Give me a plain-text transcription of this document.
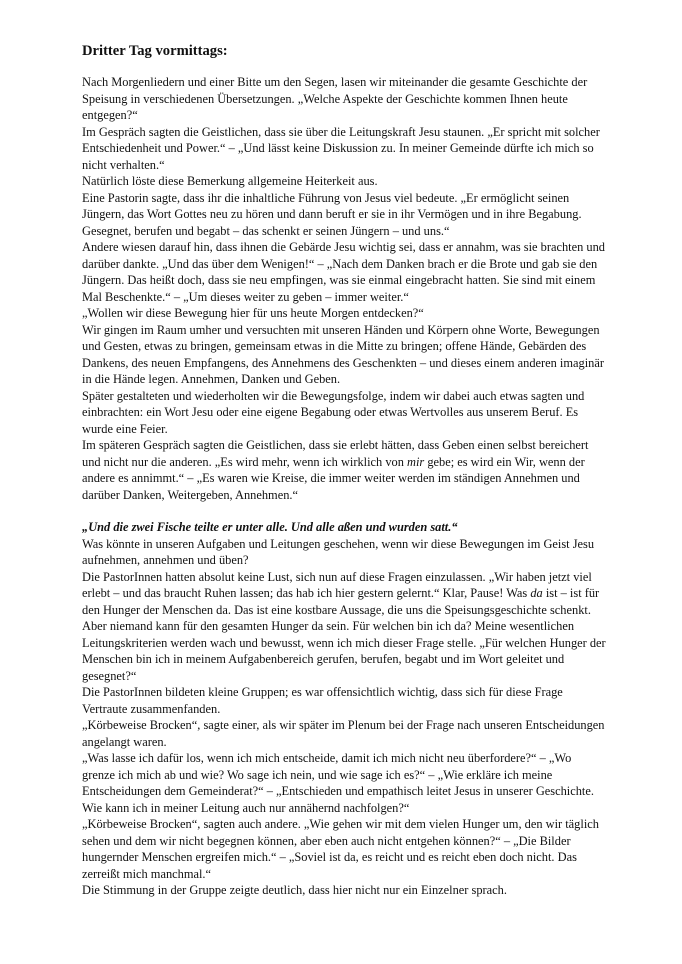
Dritter Tag vormittags:

Nach Morgenliedern und einer Bitte um den Segen, lasen wir miteinander die gesamte Geschichte der Speisung in verschiedenen Übersetzungen. „Welche Aspekte der Geschichte kommen Ihnen heute entgegen?“

Im Gespräch sagten die Geistlichen, dass sie über die Leitungskraft Jesu staunen. „Er spricht mit solcher Entschiedenheit und Power.“ – „Und lässt keine Diskussion zu. In meiner Gemeinde dürfte ich mich so nicht verhalten.“

Natürlich löste diese Bemerkung allgemeine Heiterkeit aus.

Eine Pastorin sagte, dass ihr die inhaltliche Führung von Jesus viel bedeute. „Er ermöglicht seinen Jüngern, das Wort Gottes neu zu hören und dann beruft er sie in ihr Vermögen und in ihre Begabung. Gesegnet, berufen und begabt – das schenkt er seinen Jüngern – und uns.“

Andere wiesen darauf hin, dass ihnen die Gebärde Jesu wichtig sei, dass er annahm, was sie brachten und darüber dankte. „Und das über dem Wenigen!“ – „Nach dem Danken brach er die Brote und gab sie den Jüngern. Das heißt doch, dass sie neu empfingen, was sie einmal eingebracht hatten. Sie sind mit einem Mal Beschenkte.“ – „Um dieses weiter zu geben – immer weiter.“

„Wollen wir diese Bewegung hier für uns heute Morgen entdecken?“

Wir gingen im Raum umher und versuchten mit unseren Händen und Körpern ohne Worte, Bewegungen und Gesten, etwas zu bringen, gemeinsam etwas in die Mitte zu bringen; offene Hände, Gebärden des Dankens, des neuen Empfangens, des Annehmens des Geschenkten – und dieses einem anderen imaginär in die Hände legen. Annehmen, Danken und Geben.

Später gestalteten und wiederholten wir die Bewegungsfolge, indem wir dabei auch etwas sagten und einbrachten: ein Wort Jesu oder eine eigene Begabung oder etwas Wertvolles aus unserem Beruf. Es wurde eine Feier.

Im späteren Gespräch sagten die Geistlichen, dass sie erlebt hätten, dass Geben einen selbst bereichert und nicht nur die anderen. „Es wird mehr, wenn ich wirklich von mir gebe; es wird ein Wir, wenn der andere es annimmt.“ – „Es waren wie Kreise, die immer weiter werden im ständigen Annehmen und darüber Danken, Weitergeben, Annehmen.“

„Und die zwei Fische teilte er unter alle. Und alle aßen und wurden satt.“

Was könnte in unseren Aufgaben und Leitungen geschehen, wenn wir diese Bewegungen im Geist Jesu aufnehmen, annehmen und üben?

Die PastorInnen hatten absolut keine Lust, sich nun auf diese Fragen einzulassen. „Wir haben jetzt viel erlebt – und das braucht Ruhen lassen; das hab ich hier gestern gelernt.“ Klar, Pause! Was da ist – ist für den Hunger der Menschen da. Das ist eine kostbare Aussage, die uns die Speisungsgeschichte schenkt. Aber niemand kann für den gesamten Hunger da sein. Für welchen bin ich da? Meine wesentlichen Leitungskriterien werden wach und bewusst, wenn ich mich dieser Frage stelle. „Für welchen Hunger der Menschen bin ich in meinem Aufgabenbereich gerufen, berufen, begabt und im Wort geleitet und gesegnet?“

Die PastorInnen bildeten kleine Gruppen; es war offensichtlich wichtig, dass sich für diese Frage Vertraute zusammenfanden.

„Körbeweise Brocken“, sagte einer, als wir später im Plenum bei der Frage nach unseren Entscheidungen angelangt waren.

„Was lasse ich dafür los, wenn ich mich entscheide, damit ich mich nicht neu überfordere?“ – „Wo grenze ich mich ab und wie? Wo sage ich nein, und wie sage ich es?“ – „Wie erkläre ich meine Entscheidungen dem Gemeinderat?“ – „Entschieden und empathisch leitet Jesus in unserer Geschichte. Wie kann ich in meiner Leitung auch nur annähernd nachfolgen?“

„Körbeweise Brocken“, sagten auch andere. „Wie gehen wir mit dem vielen Hunger um, den wir täglich sehen und dem wir nicht begegnen können, aber eben auch nicht entgehen können?“ – „Die Bilder hungernder Menschen ergreifen mich.“ – „Soviel ist da, es reicht und es reicht eben doch nicht. Das zerreißt mich manchmal.“

Die Stimmung in der Gruppe zeigte deutlich, dass hier nicht nur ein Einzelner sprach.
